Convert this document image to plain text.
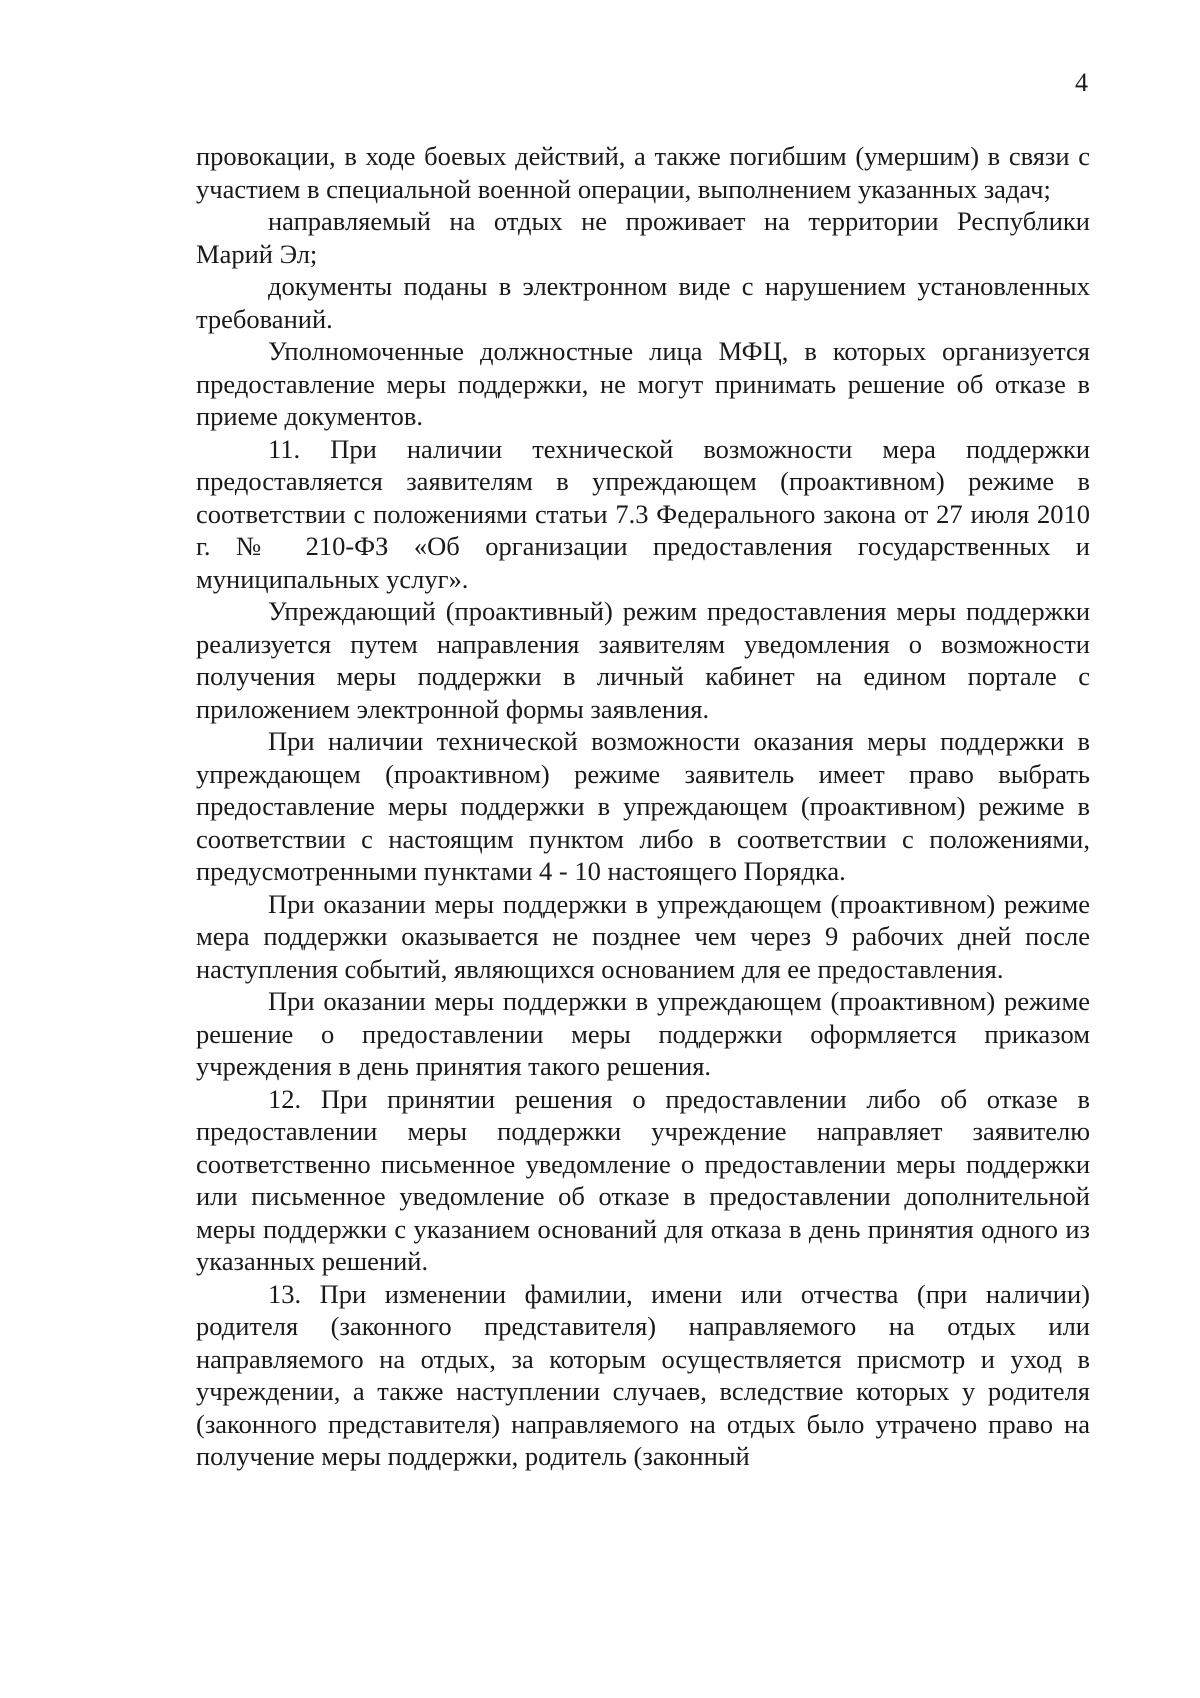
4

провокации, в ходе боевых действий, а также погибшим (умершим) в связи с участием в специальной военной операции, выполнением указанных задач;

направляемый на отдых не проживает на территории Республики Марий Эл;

документы поданы в электронном виде с нарушением установленных требований.

Уполномоченные должностные лица МФЦ, в которых организуется предоставление меры поддержки, не могут принимать решение об отказе в приеме документов.

11. При наличии технической возможности мера поддержки предоставляется заявителям в упреждающем (проактивном) режиме в соответствии с положениями статьи 7.3 Федерального закона от 27 июля 2010 г. № 210-ФЗ «Об организации предоставления государственных и муниципальных услуг».

Упреждающий (проактивный) режим предоставления меры поддержки реализуется путем направления заявителям уведомления о возможности получения меры поддержки в личный кабинет на едином портале с приложением электронной формы заявления.

При наличии технической возможности оказания меры поддержки в упреждающем (проактивном) режиме заявитель имеет право выбрать предоставление меры поддержки в упреждающем (проактивном) режиме в соответствии с настоящим пунктом либо в соответствии с положениями, предусмотренными пунктами 4 - 10 настоящего Порядка.

При оказании меры поддержки в упреждающем (проактивном) режиме мера поддержки оказывается не позднее чем через 9 рабочих дней после наступления событий, являющихся основанием для ее предоставления.

При оказании меры поддержки в упреждающем (проактивном) режиме решение о предоставлении меры поддержки оформляется приказом учреждения в день принятия такого решения.

12. При принятии решения о предоставлении либо об отказе в предоставлении меры поддержки учреждение направляет заявителю соответственно письменное уведомление о предоставлении меры поддержки или письменное уведомление об отказе в предоставлении дополнительной меры поддержки с указанием оснований для отказа в день принятия одного из указанных решений.

13. При изменении фамилии, имени или отчества (при наличии) родителя (законного представителя) направляемого на отдых или направляемого на отдых, за которым осуществляется присмотр и уход в учреждении, а также наступлении случаев, вследствие которых у родителя (законного представителя) направляемого на отдых было утрачено право на получение меры поддержки, родитель (законный
